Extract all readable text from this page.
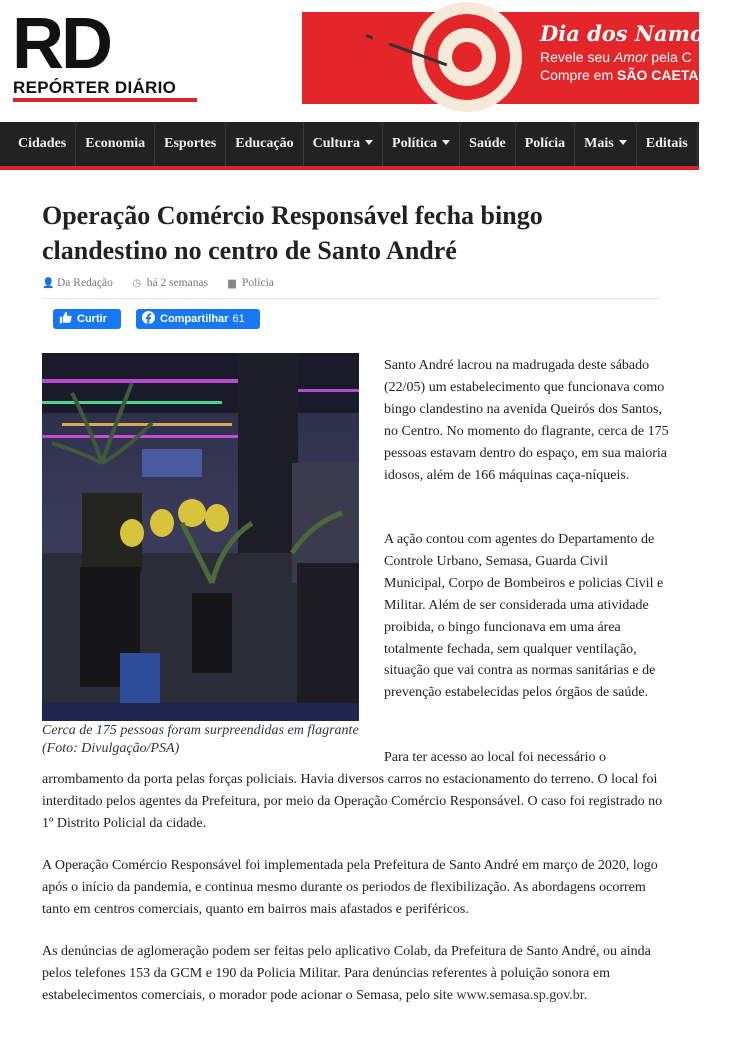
RD
REPÓRTER DIÁRIO
♥	Dia dos Namora
Revele seu Amor pela C
Compre em SÃO CAETA
Cidades Economia Esportes Educação Cultura Política Saúde Polícia Mais Editais
Operação Comércio Responsável fecha bingo clandestino no centro de Santo André
👤 Da Redação ◷ há 2 semanas ▆ Polícia
Curtir	Compartilhar 61
Cerca de 175 pessoas foram surpreendidas em flagrante (Foto: Divulgação/PSA)

Santo André lacrou na madrugada deste sábado (22/05) um estabelecimento que funcionava como bingo clandestino na avenida Queirós dos Santos, no Centro. No momento do flagrante, cerca de 175 pessoas estavam dentro do espaço, em sua maioria idosos, além de 166 máquinas caça-níqueis.

A ação contou com agentes do Departamento de Controle Urbano, Semasa, Guarda Civil Municipal, Corpo de Bombeiros e policias Civil e Militar. Além de ser considerada uma atividade proibida, o bingo funcionava em uma área totalmente fechada, sem qualquer ventilação, situação que vai contra as normas sanitárias e de prevenção estabelecidas pelos órgãos de saúde.

Para ter acesso ao local foi necessário o

arrombamento da porta pelas forças policiais. Havia diversos carros no estacionamento do terreno. O local foi interditado pelos agentes da Prefeitura, por meio da Operação Comércio Responsável. O caso foi registrado no 1º Distrito Policial da cidade.

A Operação Comércio Responsável foi implementada pela Prefeitura de Santo André em março de 2020, logo após o início da pandemia, e continua mesmo durante os periodos de flexibilização. As abordagens ocorrem tanto em centros comerciais, quanto em bairros mais afastados e periféricos.

As denúncias de aglomeração podem ser feitas pelo aplicativo Colab, da Prefeitura de Santo André, ou ainda pelos telefones 153 da GCM e 190 da Policia Militar. Para denúncias referentes à poluição sonora em estabelecimentos comerciais, o morador pode acionar o Semasa, pelo site www.semasa.sp.gov.br.
